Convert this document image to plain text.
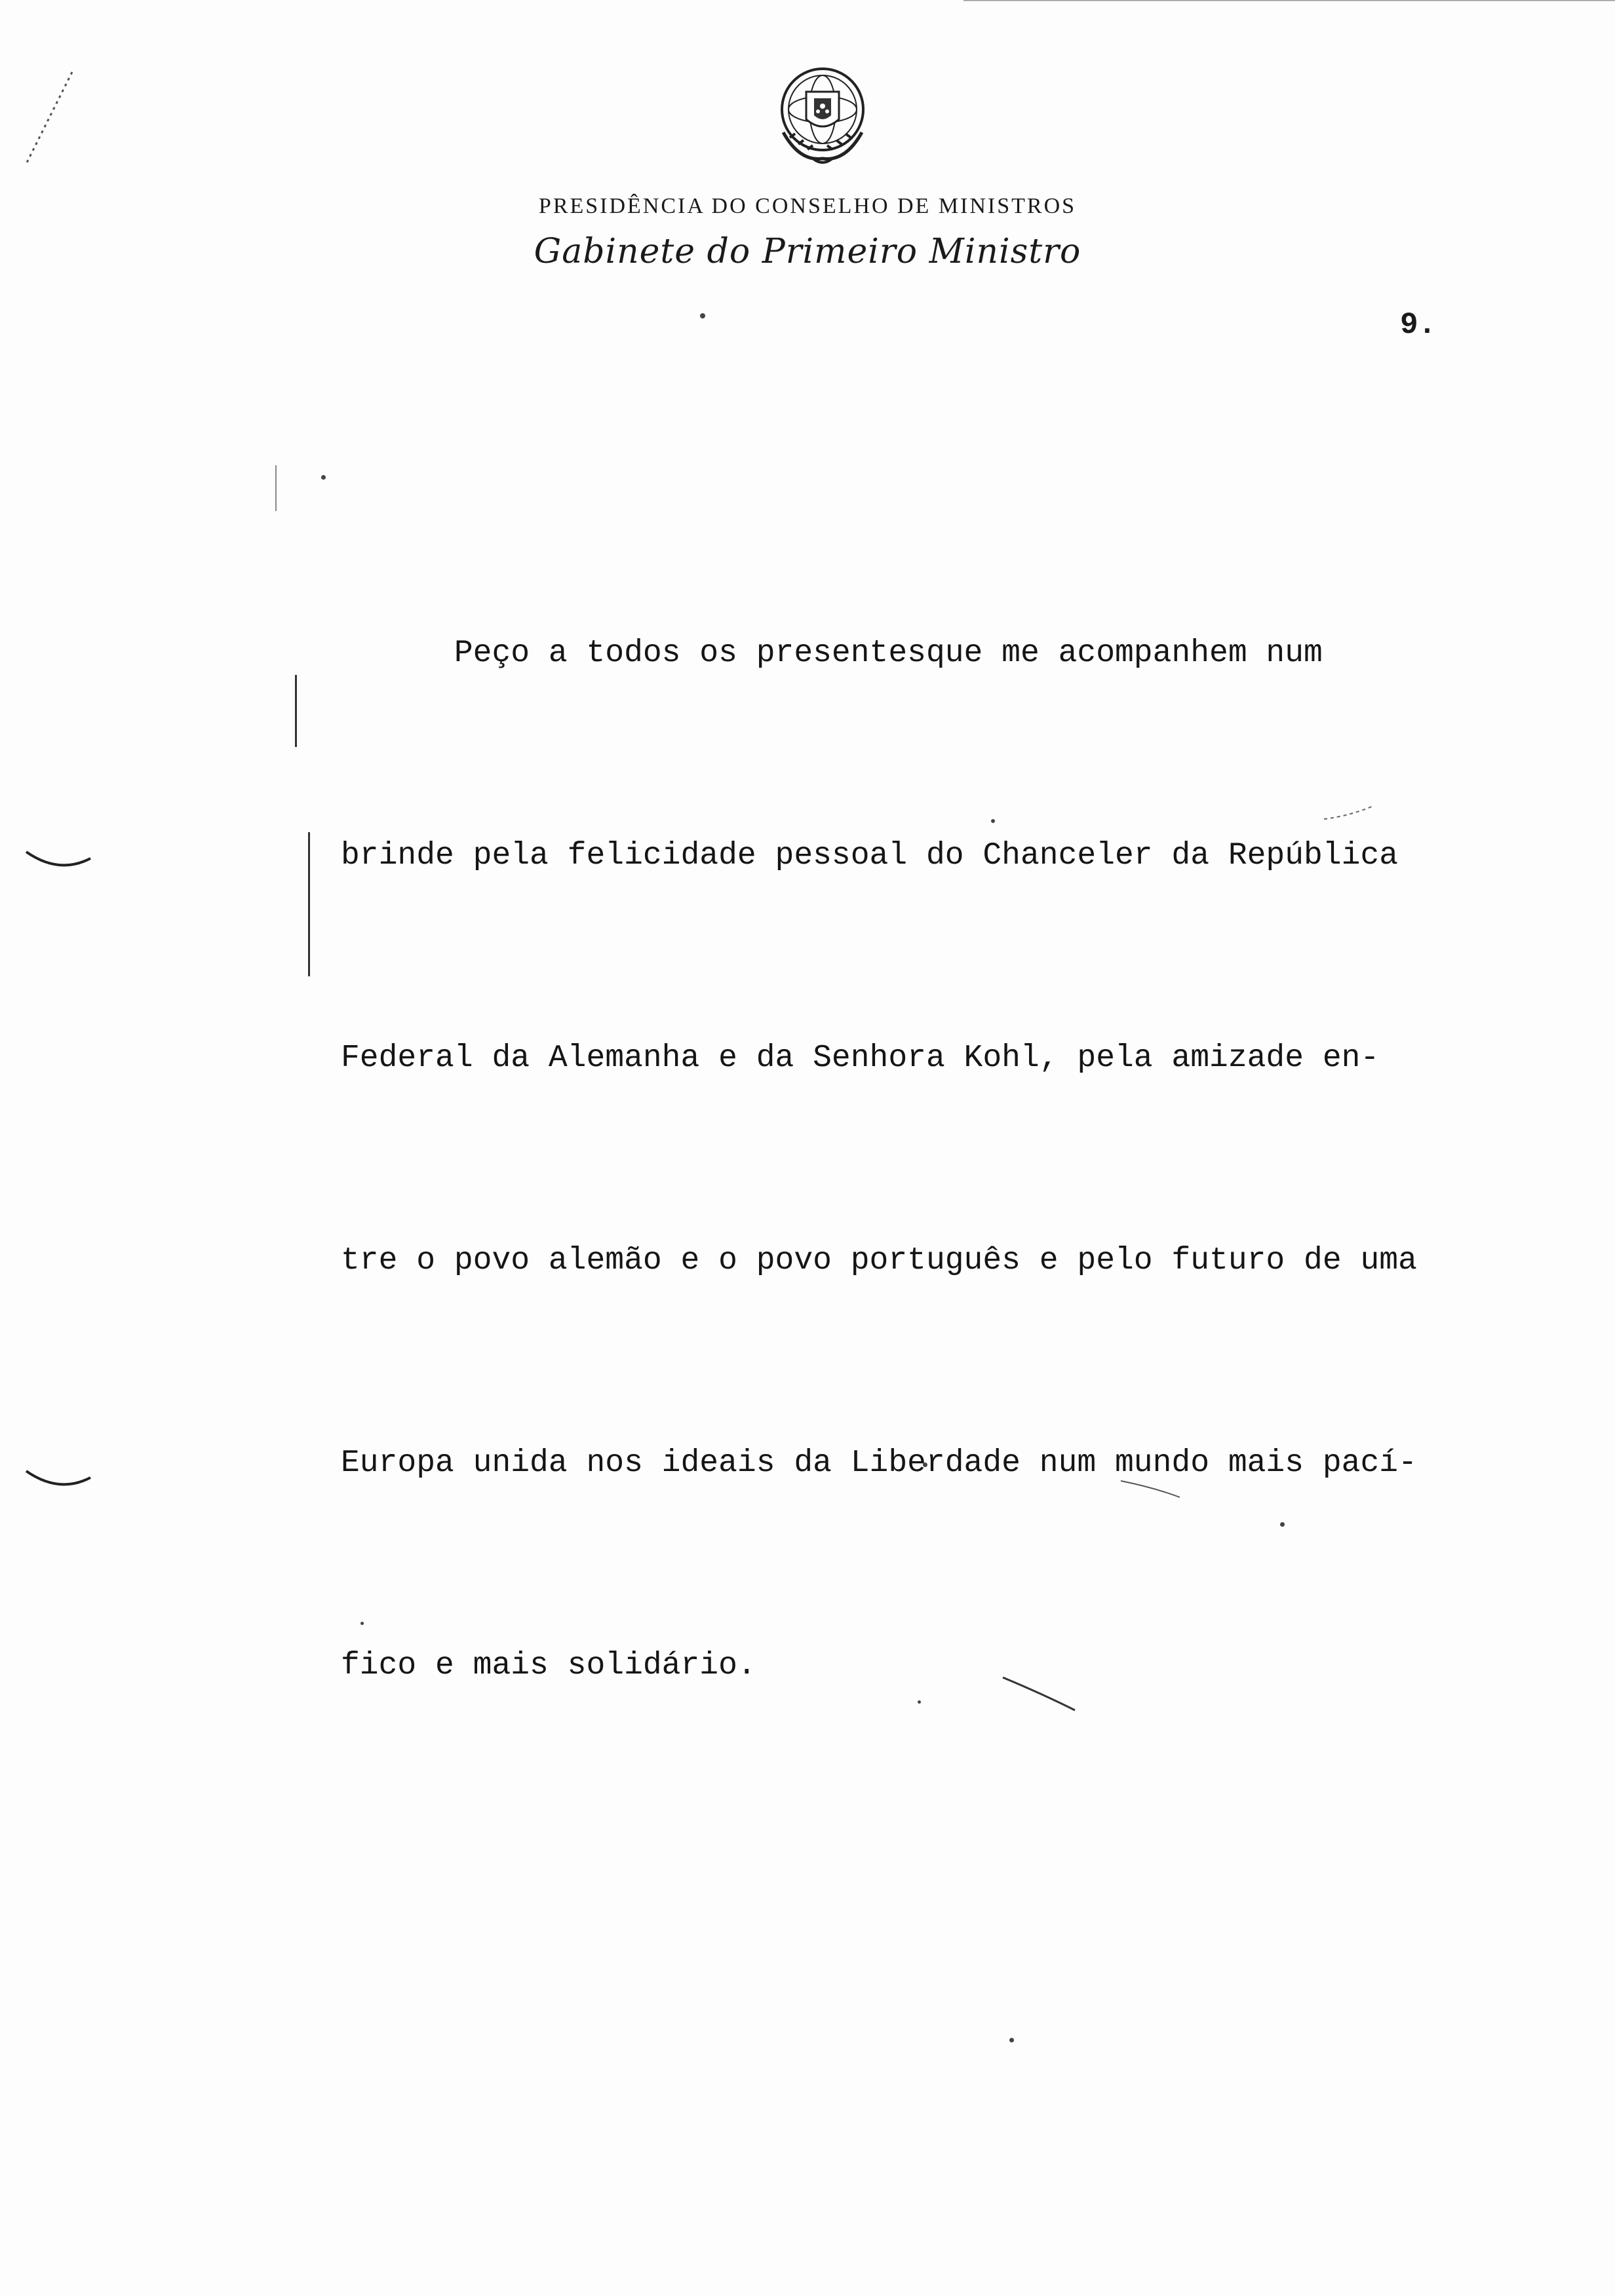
PRESIDÊNCIA DO CONSELHO DE MINISTROS
Gabinete do Primeiro Ministro
9.

Peço a todos os presentesque me acompanhem num

brinde pela felicidade pessoal do Chanceler da República

Federal da Alemanha e da Senhora Kohl, pela amizade en-

tre o povo alemão e o povo português e pelo futuro de uma

Europa unida nos ideais da Liberdade num mundo mais pací-

fico e mais solidário.
